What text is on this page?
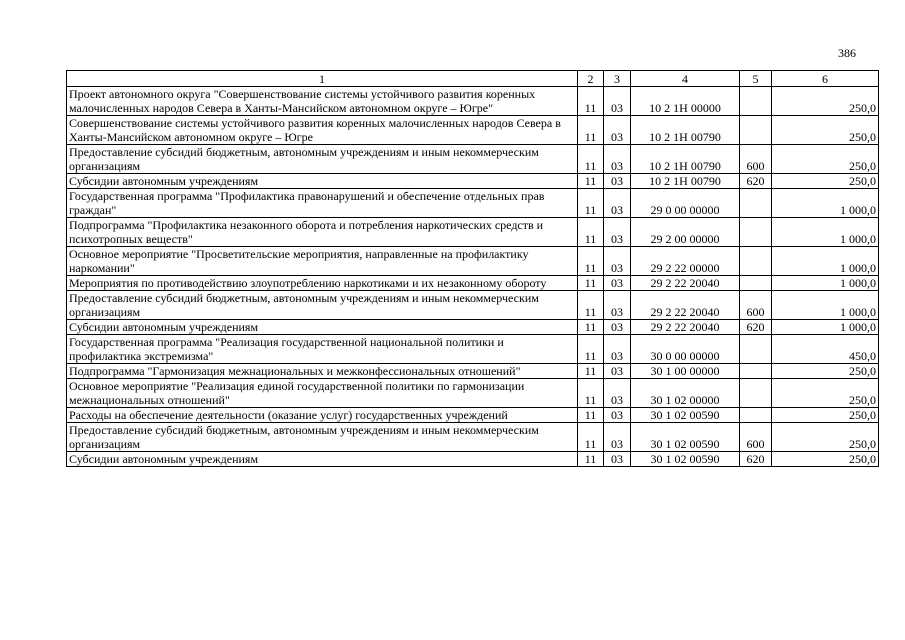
386
1	2	3	4	5	6
Проект автономного округа "Совершенствование системы устойчивого развития коренных малочисленных народов Севера в Ханты-Мансийском автономном округе – Югре"	11	03	10 2 1Н 00000		250,0
Совершенствование системы устойчивого развития коренных малочисленных народов Севера в Ханты-Мансийском автономном округе – Югре	11	03	10 2 1Н 00790		250,0
Предоставление субсидий бюджетным, автономным учреждениям и иным некоммерческим организациям	11	03	10 2 1Н 00790	600	250,0
Субсидии автономным учреждениям	11	03	10 2 1Н 00790	620	250,0
Государственная программа "Профилактика правонарушений и обеспечение отдельных прав граждан"	11	03	29 0 00 00000		1 000,0
Подпрограмма "Профилактика незаконного оборота и потребления наркотических средств и психотропных веществ"	11	03	29 2 00 00000		1 000,0
Основное мероприятие "Просветительские мероприятия, направленные на профилактику наркомании"	11	03	29 2 22 00000		1 000,0
Мероприятия по противодействию злоупотреблению наркотиками и их незаконному обороту	11	03	29 2 22 20040		1 000,0
Предоставление субсидий бюджетным, автономным учреждениям и иным некоммерческим организациям	11	03	29 2 22 20040	600	1 000,0
Субсидии автономным учреждениям	11	03	29 2 22 20040	620	1 000,0
Государственная программа "Реализация государственной национальной политики и профилактика экстремизма"	11	03	30 0 00 00000		450,0
Подпрограмма "Гармонизация межнациональных и межконфессиональных отношений"	11	03	30 1 00 00000		250,0
Основное мероприятие "Реализация единой государственной политики по гармонизации межнациональных отношений"	11	03	30 1 02 00000		250,0
Расходы на обеспечение деятельности (оказание услуг) государственных учреждений	11	03	30 1 02 00590		250,0
Предоставление субсидий бюджетным, автономным учреждениям и иным некоммерческим организациям	11	03	30 1 02 00590	600	250,0
Субсидии автономным учреждениям	11	03	30 1 02 00590	620	250,0
